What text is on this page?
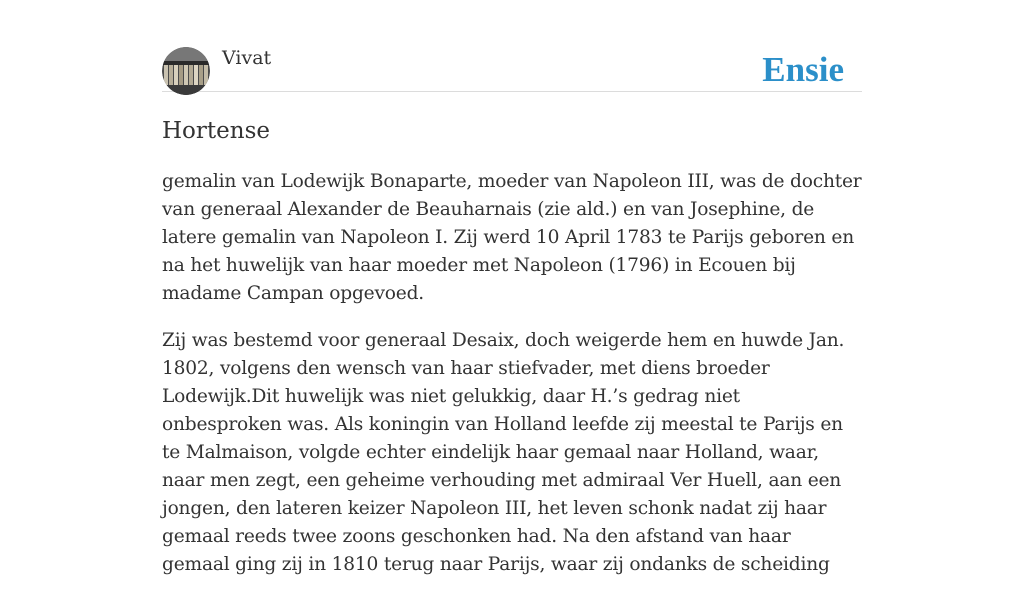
Vivat	Ensie
Hortense

gemalin van Lodewijk Bonaparte, moeder van Napoleon III, was de dochter van generaal Alexander de Beauharnais (zie ald.) en van Josephine, de latere gemalin van Napoleon I. Zij werd 10 April 1783 te Parijs geboren en na het huwelijk van haar moeder met Napoleon (1796) in Ecouen bij madame Campan opgevoed.

Zij was bestemd voor generaal Desaix, doch weigerde hem en huwde Jan. 1802, volgens den wensch van haar stiefvader, met diens broeder Lodewijk.Dit huwelijk was niet gelukkig, daar H.’s gedrag niet onbesproken was. Als koningin van Holland leefde zij meestal te Parijs en te Malmaison, volgde echter eindelijk haar gemaal naar Holland, waar, naar men zegt, een geheime verhouding met admiraal Ver Huell, aan een jongen, den lateren keizer Napoleon III, het leven schonk nadat zij haar gemaal reeds twee zoons geschonken had. Na den afstand van haar gemaal ging zij in 1810 terug naar Parijs, waar zij ondanks de scheiding
